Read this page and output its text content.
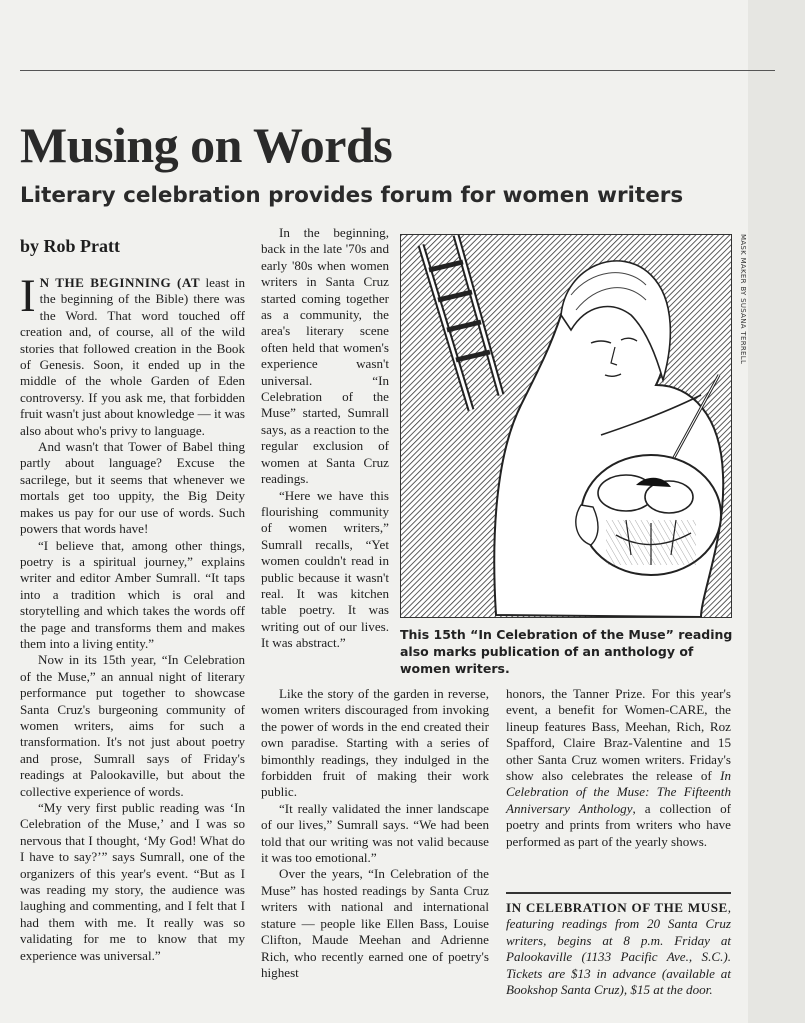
Musing on Words
Literary celebration provides forum for women writers
by Rob Pratt

I N THE BEGINNING (AT least in the beginning of the Bible) there was the Word. That word touched off creation and, of course, all of the wild stories that followed creation in the Book of Genesis. Soon, it ended up in the middle of the whole Garden of Eden controversy. If you ask me, that forbidden fruit wasn't just about knowledge — it was also about who's privy to language.

And wasn't that Tower of Babel thing partly about language? Excuse the sacrilege, but it seems that whenever we mortals get too uppity, the Big Deity makes us pay for our use of words. Such powers that words have!

“I believe that, among other things, poetry is a spiritual journey,” explains writer and editor Amber Sumrall. “It taps into a tradition which is oral and storytelling and which takes the words off the page and transforms them and makes them into a living entity.”

Now in its 15th year, “In Celebration of the Muse,” an annual night of literary performance put together to showcase Santa Cruz's burgeoning community of women writers, aims for such a transformation. It's not just about poetry and prose, Sumrall says of Friday's readings at Palookaville, but about the collective experience of words.

“My very first public reading was ‘In Celebration of the Muse,’ and I was so nervous that I thought, ‘My God! What do I have to say?’” says Sumrall, one of the organizers of this year's event. “But as I was reading my story, the audience was laughing and commenting, and I felt that I had them with me. It really was so validating for me to know that my experience was universal.”

In the beginning, back in the late '70s and early '80s when women writers in Santa Cruz started coming together as a community, the area's literary scene often held that women's experience wasn't universal. “In Celebration of the Muse” started, Sumrall says, as a reaction to the regular exclusion of women at Santa Cruz readings.

“Here we have this flourishing community of women writers,” Sumrall recalls, “Yet women couldn't read in public because it wasn't real. It was kitchen table poetry. It was writing out of our lives. It was abstract.”

Like the story of the garden in reverse, women writers discouraged from invoking the power of words in the end created their own paradise. Starting with a series of bimonthly readings, they indulged in the forbidden fruit of making their work public.

“It really validated the inner landscape of our lives,” Sumrall says. “We had been told that our writing was not valid because it was too emotional.”

Over the years, “In Celebration of the Muse” has hosted readings by Santa Cruz writers with national and international stature — people like Ellen Bass, Louise Clifton, Maude Meehan and Adrienne Rich, who recently earned one of poetry's highest

MASK MAKER BY SUSANA TERRELL
This 15th “In Celebration of the Muse” reading also marks publication of an anthology of women writers.

honors, the Tanner Prize. For this year's event, a benefit for Women-CARE, the lineup features Bass, Meehan, Rich, Roz Spafford, Claire Braz-Valentine and 15 other Santa Cruz women writers. Friday's show also celebrates the release of In Celebration of the Muse: The Fifteenth Anniversary Anthology, a collection of poetry and prints from writers who have performed as part of the yearly shows.

IN CELEBRATION OF THE MUSE, featuring readings from 20 Santa Cruz writers, begins at 8 p.m. Friday at Palookaville (1133 Pacific Ave., S.C.). Tickets are $13 in advance (available at Bookshop Santa Cruz), $15 at the door.
